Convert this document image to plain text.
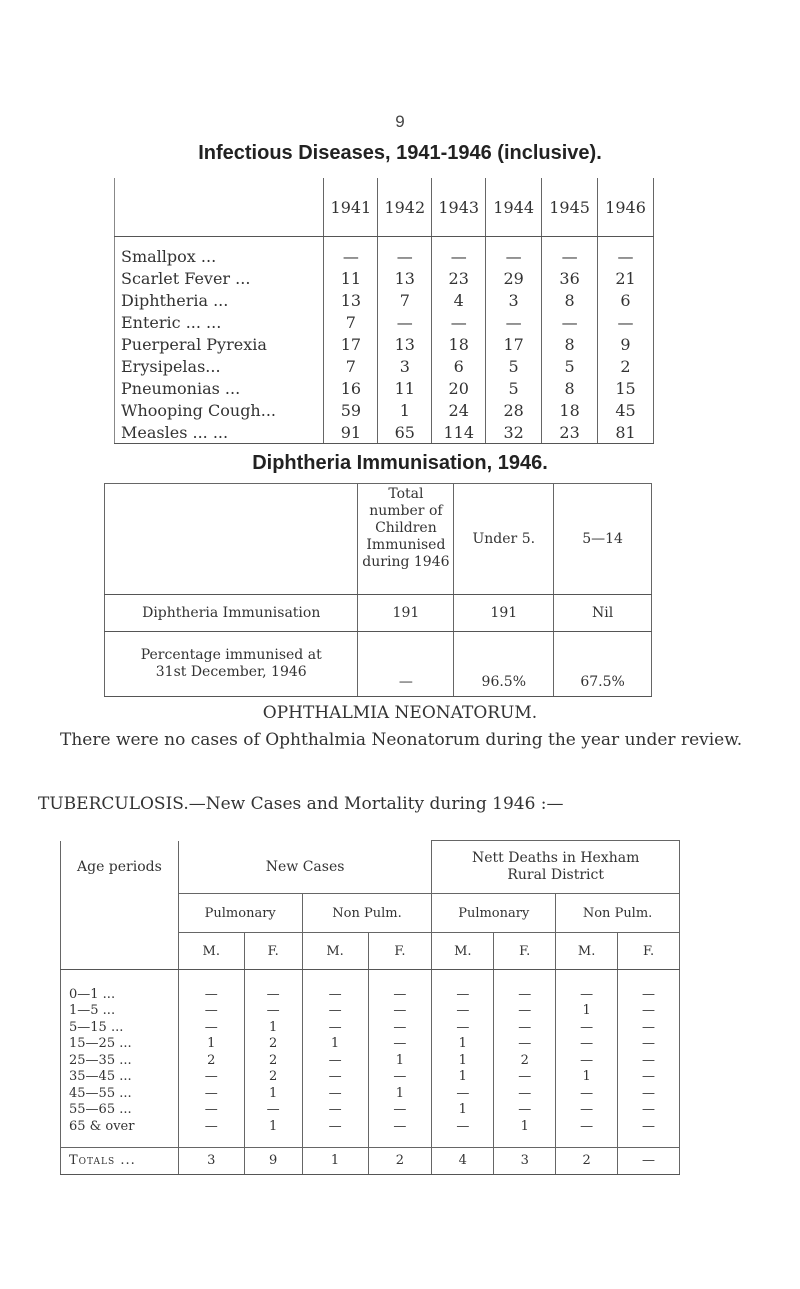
9
Infectious Diseases, 1941-1946 (inclusive).
	1941	1942	1943	1944	1945	1946
Smallpox ...	—	—	—	—	—	—
Scarlet Fever ...	11	13	23	29	36	21
Diphtheria ...	13	7	4	3	8	6
Enteric ... ...	7	—	—	—	—	—
Puerperal Pyrexia	17	13	18	17	8	9
Erysipelas...	7	3	6	5	5	2
Pneumonias ...	16	11	20	5	8	15
Whooping Cough...	59	1	24	28	18	45
Measles ... ...	91	65	114	32	23	81
Diphtheria Immunisation, 1946.

	Total
number of
Children
Immunised
during 1946	Under 5.	5—14
Diphtheria Immunisation	191	191	Nil

Percentage immunised at
31st December, 1946	—	96.5%	67.5%
OPHTHALMIA NEONATORUM.
There were no cases of Ophthalmia Neonatorum during the year under review.
TUBERCULOSIS.—New Cases and Mortality during 1946 :—
Age periods	New Cases				Nett Deaths in Hexham
Rural District			

	Pulmonary		Non Pulm.		Pulmonary		Non Pulm.	
	M.	F.	M.	F.	M.	F.	M.	F.

0—1 ...	—	—	—	—	—	—	—	—
1—5 ...	—	—	—	—	—	—	1	—
5—15 ...	—	1	—	—	—	—	—	—
15—25 ...	1	2	1	—	1	—	—	—
25—35 ...	2	2	—	1	1	2	—	—
35—45 ...	—	2	—	—	1	—	1	—
45—55 ...	—	1	—	1	—	—	—	—
55—65 ...	—	—	—	—	1	—	—	—
65 & over	—	1	—	—	—	1	—	—

Totals ...	3	9	1	2	4	3	2	—
